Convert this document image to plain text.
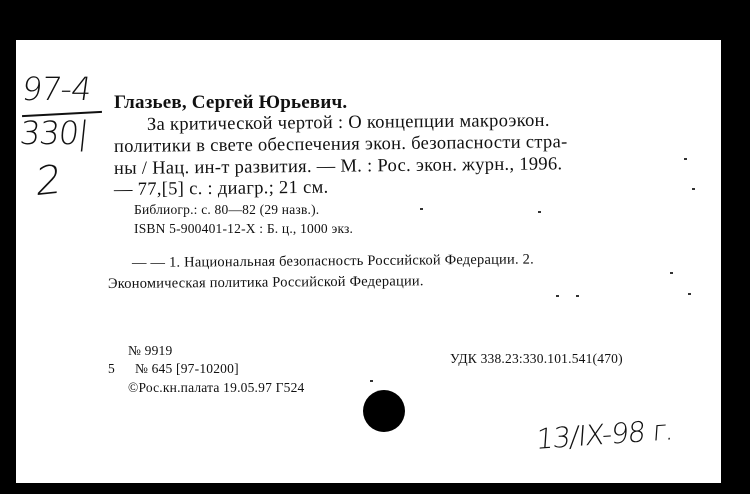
97-4
330|
2
Глазьев, Сергей Юрьевич.
За критической чертой : О концепции макроэкон.
политики в свете обеспечения экон. безопасности стра-
ны / Нац. ин-т развития. — М. : Рос. экон. журн., 1996.
— 77,[5] с. : диагр.; 21 см.
Библиогр.: с. 80—82 (29 назв.).
ISBN 5-900401-12-X : Б. ц., 1000 экз.
— — 1. Национальная безопасность Российской Федерации. 2.
Экономическая политика Российской Федерации.
№ 9919
5 № 645 [97-10200]
©Рос.кн.палата 19.05.97 Г524
УДК 338.23:330.101.541(470)
13/IX-98 г.
